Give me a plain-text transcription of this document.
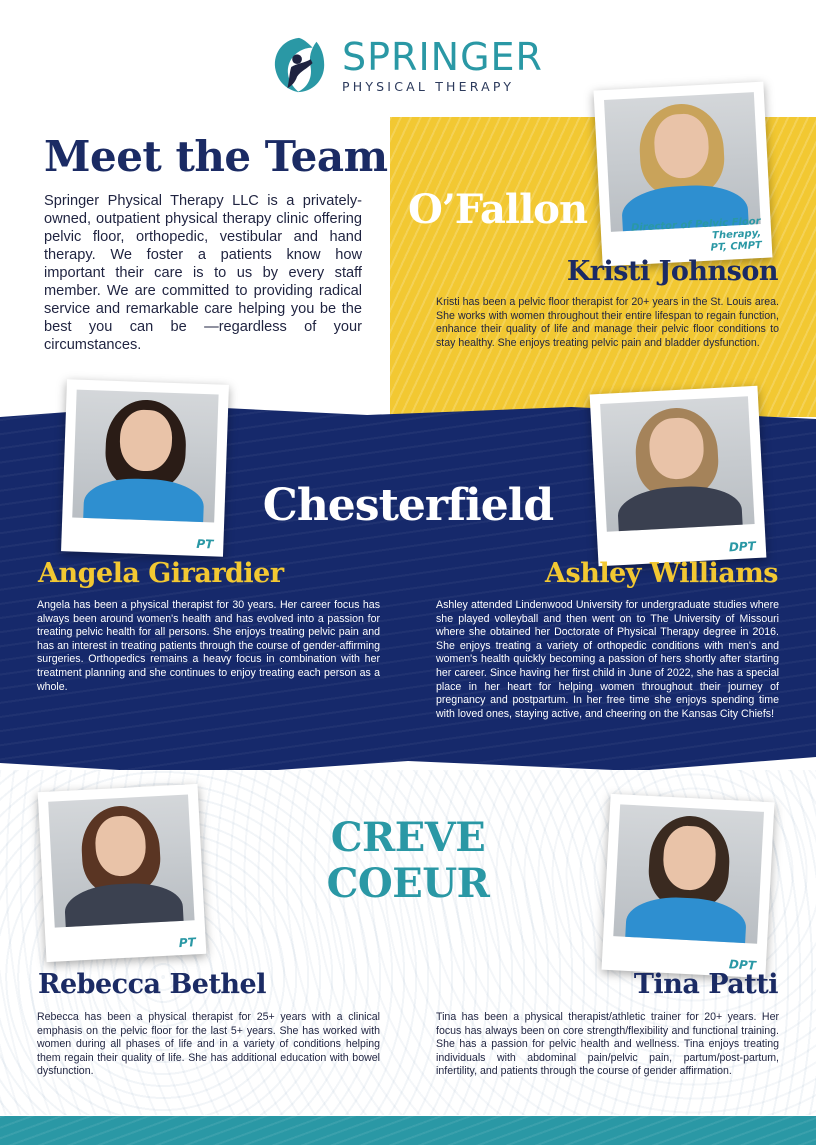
SPRINGER
PHYSICAL THERAPY
Meet the Team

Springer Physical Therapy LLC is a privately-owned, outpatient physical therapy clinic offering pelvic floor, orthopedic, vestibular and hand therapy. We foster a patients know how important their care is to us by every staff member. We are committed to providing radical service and remarkable care helping you be the best you can be —regardless of your circumstances.

O’Fallon
Chesterfield
CREVE
COEUR
Director of Pelvic Floor Therapy,
PT, CMPT
PT	DPT
PT
DPT
Kristi Johnson
Angela Girardier	Ashley Williams
Rebecca Bethel	Tina Patti

Kristi has been a pelvic floor therapist for 20+ years in the St. Louis area. She works with women throughout their entire lifespan to regain function, enhance their quality of life and manage their pelvic floor conditions to stay healthy. She enjoys treating pelvic pain and bladder dysfunction.

Angela has been a physical therapist for 30 years. Her career focus has always been around women's health and has evolved into a passion for treating pelvic health for all persons. She enjoys treating pelvic pain and has an interest in treating patients through the course of gender-affirming surgeries. Orthopedics remains a heavy focus in combination with her treatment planning and she continues to enjoy treating each person as a whole.

Ashley attended Lindenwood University for undergraduate studies where she played volleyball and then went on to The University of Missouri where she obtained her Doctorate of Physical Therapy degree in 2016. She enjoys treating a variety of orthopedic conditions with men's and women's health quickly becoming a passion of hers shortly after starting her career. Since having her first child in June of 2022, she has a special place in her heart for helping women throughout their journey of pregnancy and postpartum. In her free time she enjoys spending time with loved ones, staying active, and cheering on the Kansas City Chiefs!

Rebecca has been a physical therapist for 25+ years with a clinical emphasis on the pelvic floor for the last 5+ years. She has worked with women during all phases of life and in a variety of conditions helping them regain their quality of life. She has additional education with bowel dysfunction.

Tina has been a physical therapist/athletic trainer for 20+ years. Her focus has always been on core strength/flexibility and functional training. She has a passion for pelvic health and wellness. Tina enjoys treating individuals with abdominal pain/pelvic pain, partum/post-partum, infertility, and patients through the course of gender affirmation.
